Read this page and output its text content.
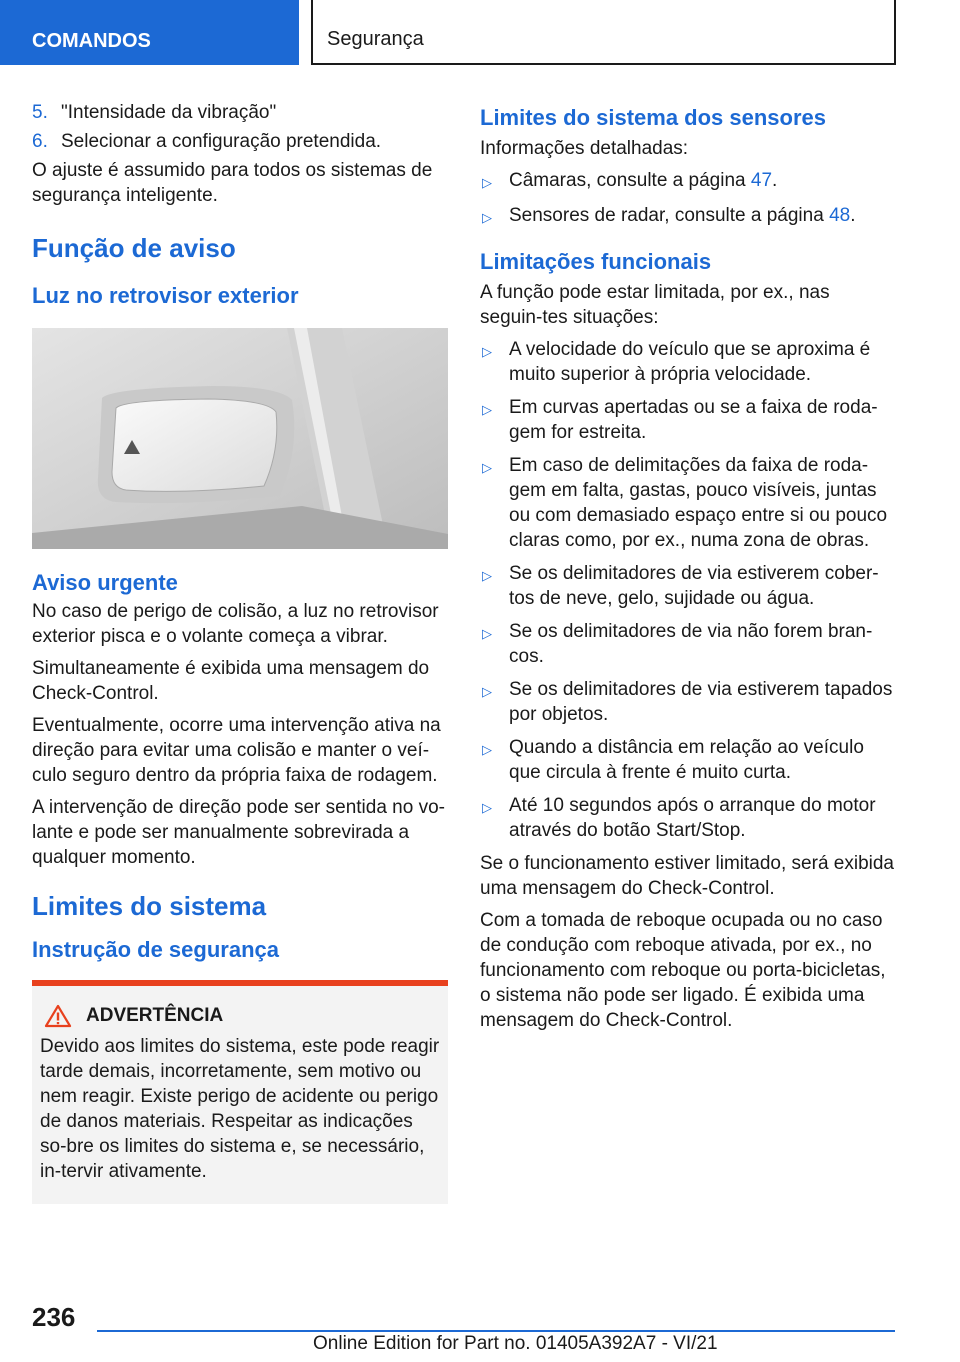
COMANDOS	Segurança
5. "Intensidade da vibração"
6. Selecionar a configuração pretendida.

O ajuste é assumido para todos os sistemas de segurança inteligente.

Função de aviso
Luz no retrovisor exterior
Aviso urgente

No caso de perigo de colisão, a luz no retrovisor exterior pisca e o volante começa a vibrar.

Simultaneamente é exibida uma mensagem do Check-Control.

Eventualmente, ocorre uma intervenção ativa na direção para evitar uma colisão e manter o veí-culo seguro dentro da própria faixa de rodagem.

A intervenção de direção pode ser sentida no vo-lante e pode ser manualmente sobrevirada a qualquer momento.

Limites do sistema
Instrução de segurança
ADVERTÊNCIA

Devido aos limites do sistema, este pode reagir tarde demais, incorretamente, sem motivo ou nem reagir. Existe perigo de acidente ou perigo de danos materiais. Respeitar as indicações so-bre os limites do sistema e, se necessário, in-tervir ativamente.

Limites do sistema dos sensores

Informações detalhadas:

▷ Câmaras, consulte a página 47.
▷ Sensores de radar, consulte a página 48.
Limitações funcionais

A função pode estar limitada, por ex., nas seguin-tes situações:

▷ A velocidade do veículo que se aproxima é muito superior à própria velocidade.
▷ Em curvas apertadas ou se a faixa de roda-gem for estreita.
▷ Em caso de delimitações da faixa de roda-gem em falta, gastas, pouco visíveis, juntas ou com demasiado espaço entre si ou pouco claras como, por ex., numa zona de obras.
▷ Se os delimitadores de via estiverem cober-tos de neve, gelo, sujidade ou água.
▷ Se os delimitadores de via não forem bran-cos.
▷ Se os delimitadores de via estiverem tapados por objetos.
▷ Quando a distância em relação ao veículo que circula à frente é muito curta.
▷ Até 10 segundos após o arranque do motor através do botão Start/Stop.

Se o funcionamento estiver limitado, será exibida uma mensagem do Check-Control.

Com a tomada de reboque ocupada ou no caso de condução com reboque ativada, por ex., no funcionamento com reboque ou porta-bicicletas, o sistema não pode ser ligado. É exibida uma mensagem do Check-Control.

236
Online Edition for Part no. 01405A392A7 - VI/21
